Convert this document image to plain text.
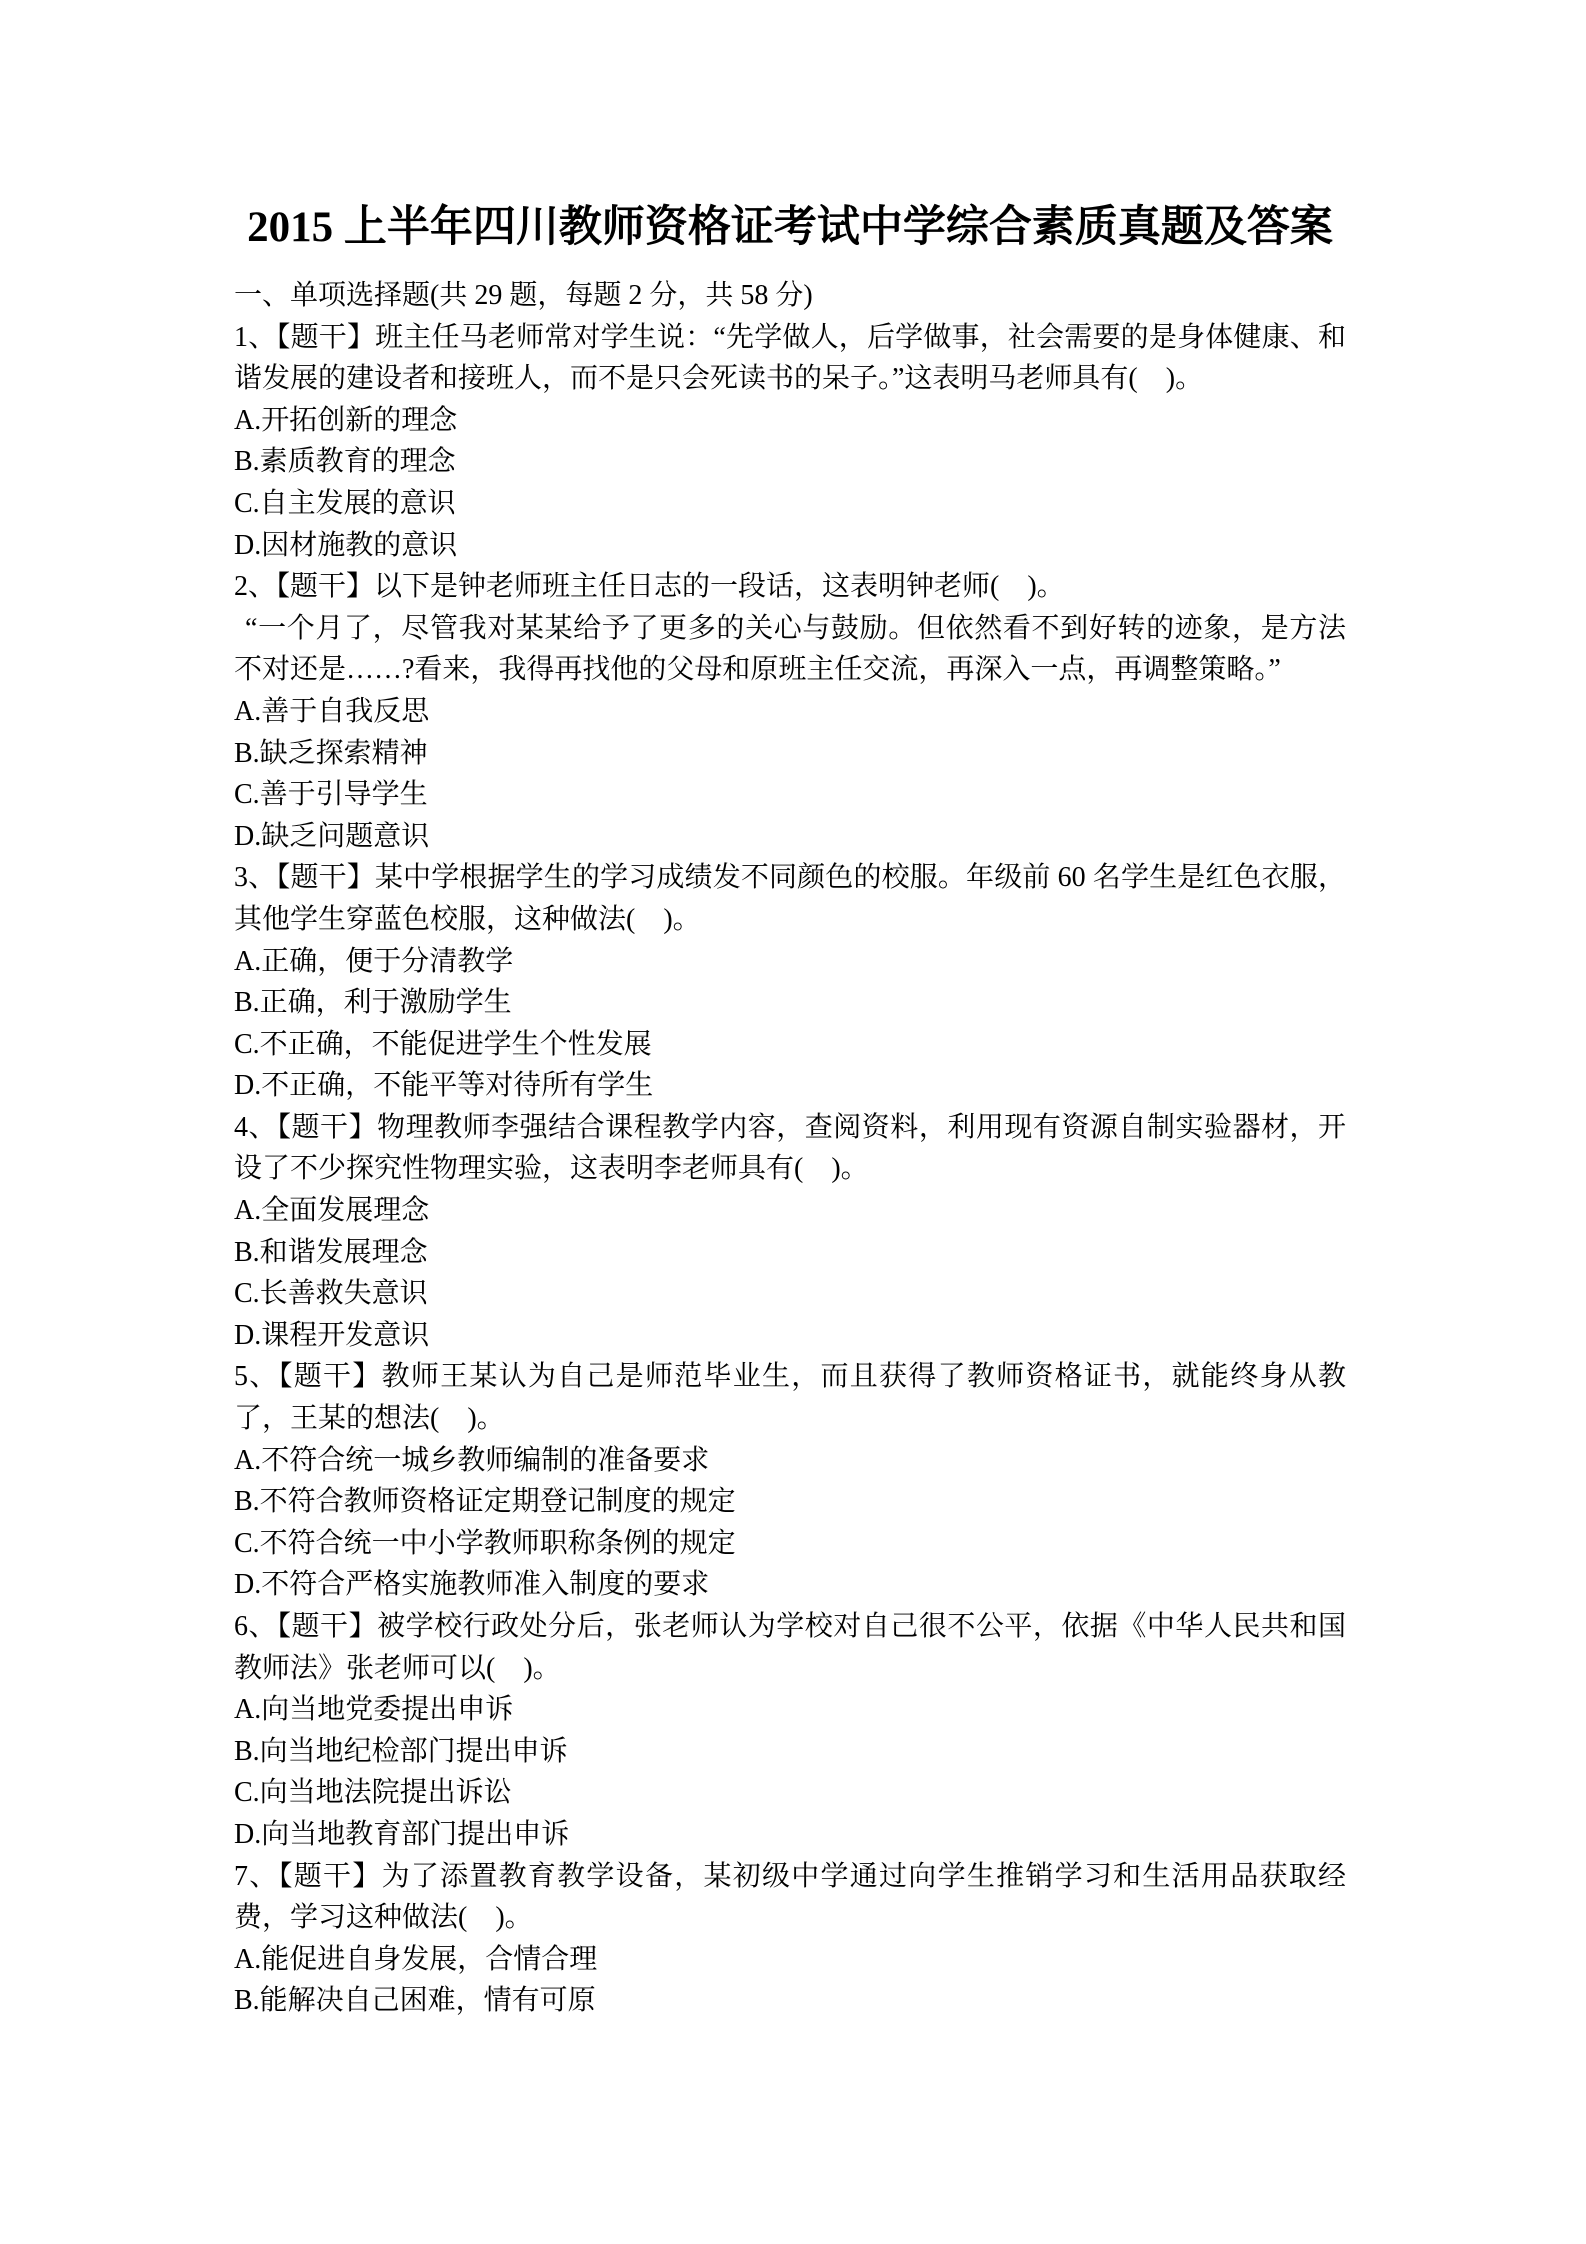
2015 上半年四川教师资格证考试中学综合素质真题及答案

一、单项选择题(共 29 题，每题 2 分，共 58 分)

1、【题干】班主任马老师常对学生说：“先学做人，后学做事，社会需要的是身体健康、和谐发展的建设者和接班人，而不是只会死读书的呆子。”这表明马老师具有(　)。

A.开拓创新的理念

B.素质教育的理念

C.自主发展的意识

D.因材施教的意识

2、【题干】以下是钟老师班主任日志的一段话，这表明钟老师(　)。

“一个月了，尽管我对某某给予了更多的关心与鼓励。但依然看不到好转的迹象，是方法不对还是……?看来，我得再找他的父母和原班主任交流，再深入一点，再调整策略。”

A.善于自我反思

B.缺乏探索精神

C.善于引导学生

D.缺乏问题意识

3、【题干】某中学根据学生的学习成绩发不同颜色的校服。年级前 60 名学生是红色衣服，其他学生穿蓝色校服，这种做法(　)。

A.正确，便于分清教学

B.正确，利于激励学生

C.不正确，不能促进学生个性发展

D.不正确，不能平等对待所有学生

4、【题干】物理教师李强结合课程教学内容，查阅资料，利用现有资源自制实验器材，开设了不少探究性物理实验，这表明李老师具有(　)。

A.全面发展理念

B.和谐发展理念

C.长善救失意识

D.课程开发意识

5、【题干】教师王某认为自己是师范毕业生，而且获得了教师资格证书，就能终身从教了，王某的想法(　)。

A.不符合统一城乡教师编制的准备要求

B.不符合教师资格证定期登记制度的规定

C.不符合统一中小学教师职称条例的规定

D.不符合严格实施教师准入制度的要求

6、【题干】被学校行政处分后，张老师认为学校对自己很不公平，依据《中华人民共和国教师法》张老师可以(　)。

A.向当地党委提出申诉

B.向当地纪检部门提出申诉

C.向当地法院提出诉讼

D.向当地教育部门提出申诉

7、【题干】为了添置教育教学设备，某初级中学通过向学生推销学习和生活用品获取经费，学习这种做法(　)。

A.能促进自身发展，合情合理

B.能解决自己困难，情有可原
